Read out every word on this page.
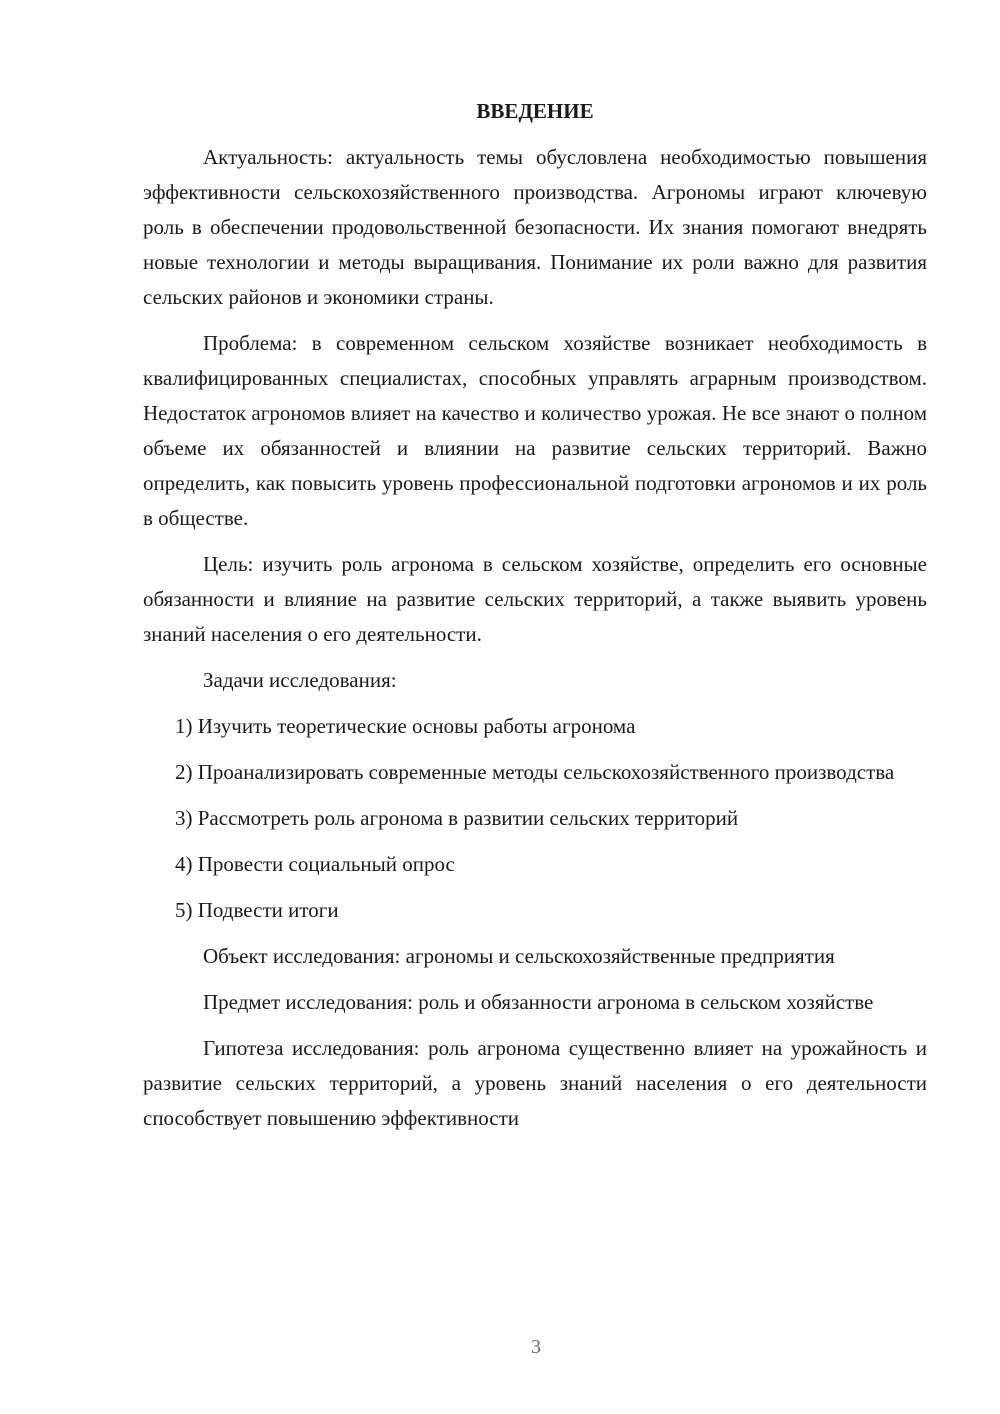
ВВЕДЕНИЕ

Актуальность: актуальность темы обусловлена необходимостью повышения эффективности сельскохозяйственного производства. Агрономы играют ключевую роль в обеспечении продовольственной безопасности. Их знания помогают внедрять новые технологии и методы выращивания. Понимание их роли важно для развития сельских районов и экономики страны.

Проблема: в современном сельском хозяйстве возникает необходимость в квалифицированных специалистах, способных управлять аграрным производством. Недостаток агрономов влияет на качество и количество урожая. Не все знают о полном объеме их обязанностей и влиянии на развитие сельских территорий. Важно определить, как повысить уровень профессиональной подготовки агрономов и их роль в обществе.

Цель: изучить роль агронома в сельском хозяйстве, определить его основные обязанности и влияние на развитие сельских территорий, а также выявить уровень знаний населения о его деятельности.

Задачи исследования:

1) Изучить теоретические основы работы агронома

2) Проанализировать современные методы сельскохозяйственного производства

3) Рассмотреть роль агронома в развитии сельских территорий

4) Провести социальный опрос

5) Подвести итоги

Объект исследования: агрономы и сельскохозяйственные предприятия

Предмет исследования: роль и обязанности агронома в сельском хозяйстве

Гипотеза исследования: роль агронома существенно влияет на урожайность и развитие сельских территорий, а уровень знаний населения о его деятельности способствует повышению эффективности

3
